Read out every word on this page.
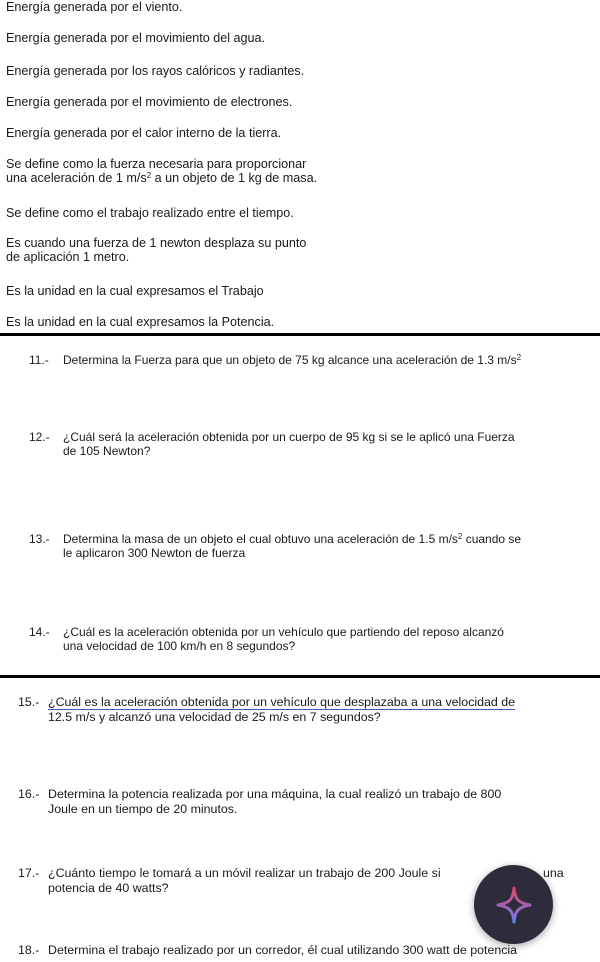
Energía generada por el viento.
Energía generada por el movimiento del agua.
Energía generada por los rayos calóricos y radiantes.
Energía generada por el movimiento de electrones.
Energía generada por el calor interno de la tierra.
Se define como la fuerza necesaria para proporcionar
una aceleración de 1 $m/s^2$ a un objeto de 1 kg de masa.
Se define como el trabajo realizado entre el tiempo.
Es cuando una fuerza de 1 newton desplaza su punto
de aplicación 1 metro.
Es la unidad en la cual expresamos el Trabajo
Es la unidad en la cual expresamos la Potencia.
11.- Determina la Fuerza para que un objeto de 75 kg alcance una aceleración de 1.3 $m/s^2$
12.- ¿Cuál será la aceleración obtenida por un cuerpo de 95 kg si se le aplicó una Fuerza
de 105 Newton?
13.- Determina la masa de un objeto el cual obtuvo una aceleración de 1.5 $m/s^2$ cuando se
le aplicaron 300 Newton de fuerza
14.- ¿Cuál es la aceleración obtenida por un vehículo que partiendo del reposo alcanzó
una velocidad de 100 km/h en 8 segundos?
15.- ¿Cuál es la aceleración obtenida por un vehículo que desplazaba a una velocidad de
12.5 m/s y alcanzó una velocidad de 25 m/s en 7 segundos?
16.- Determina la potencia realizada por una máquina, la cual realizó un trabajo de 800
Joule en un tiempo de 20 minutos.
17.- ¿Cuánto tiempo le tomará a un móvil realizar un trabajo de 200 Joule si	una
potencia de 40 watts?
18.- Determina el trabajo realizado por un corredor, él cual utilizando 300 watt de potencia
